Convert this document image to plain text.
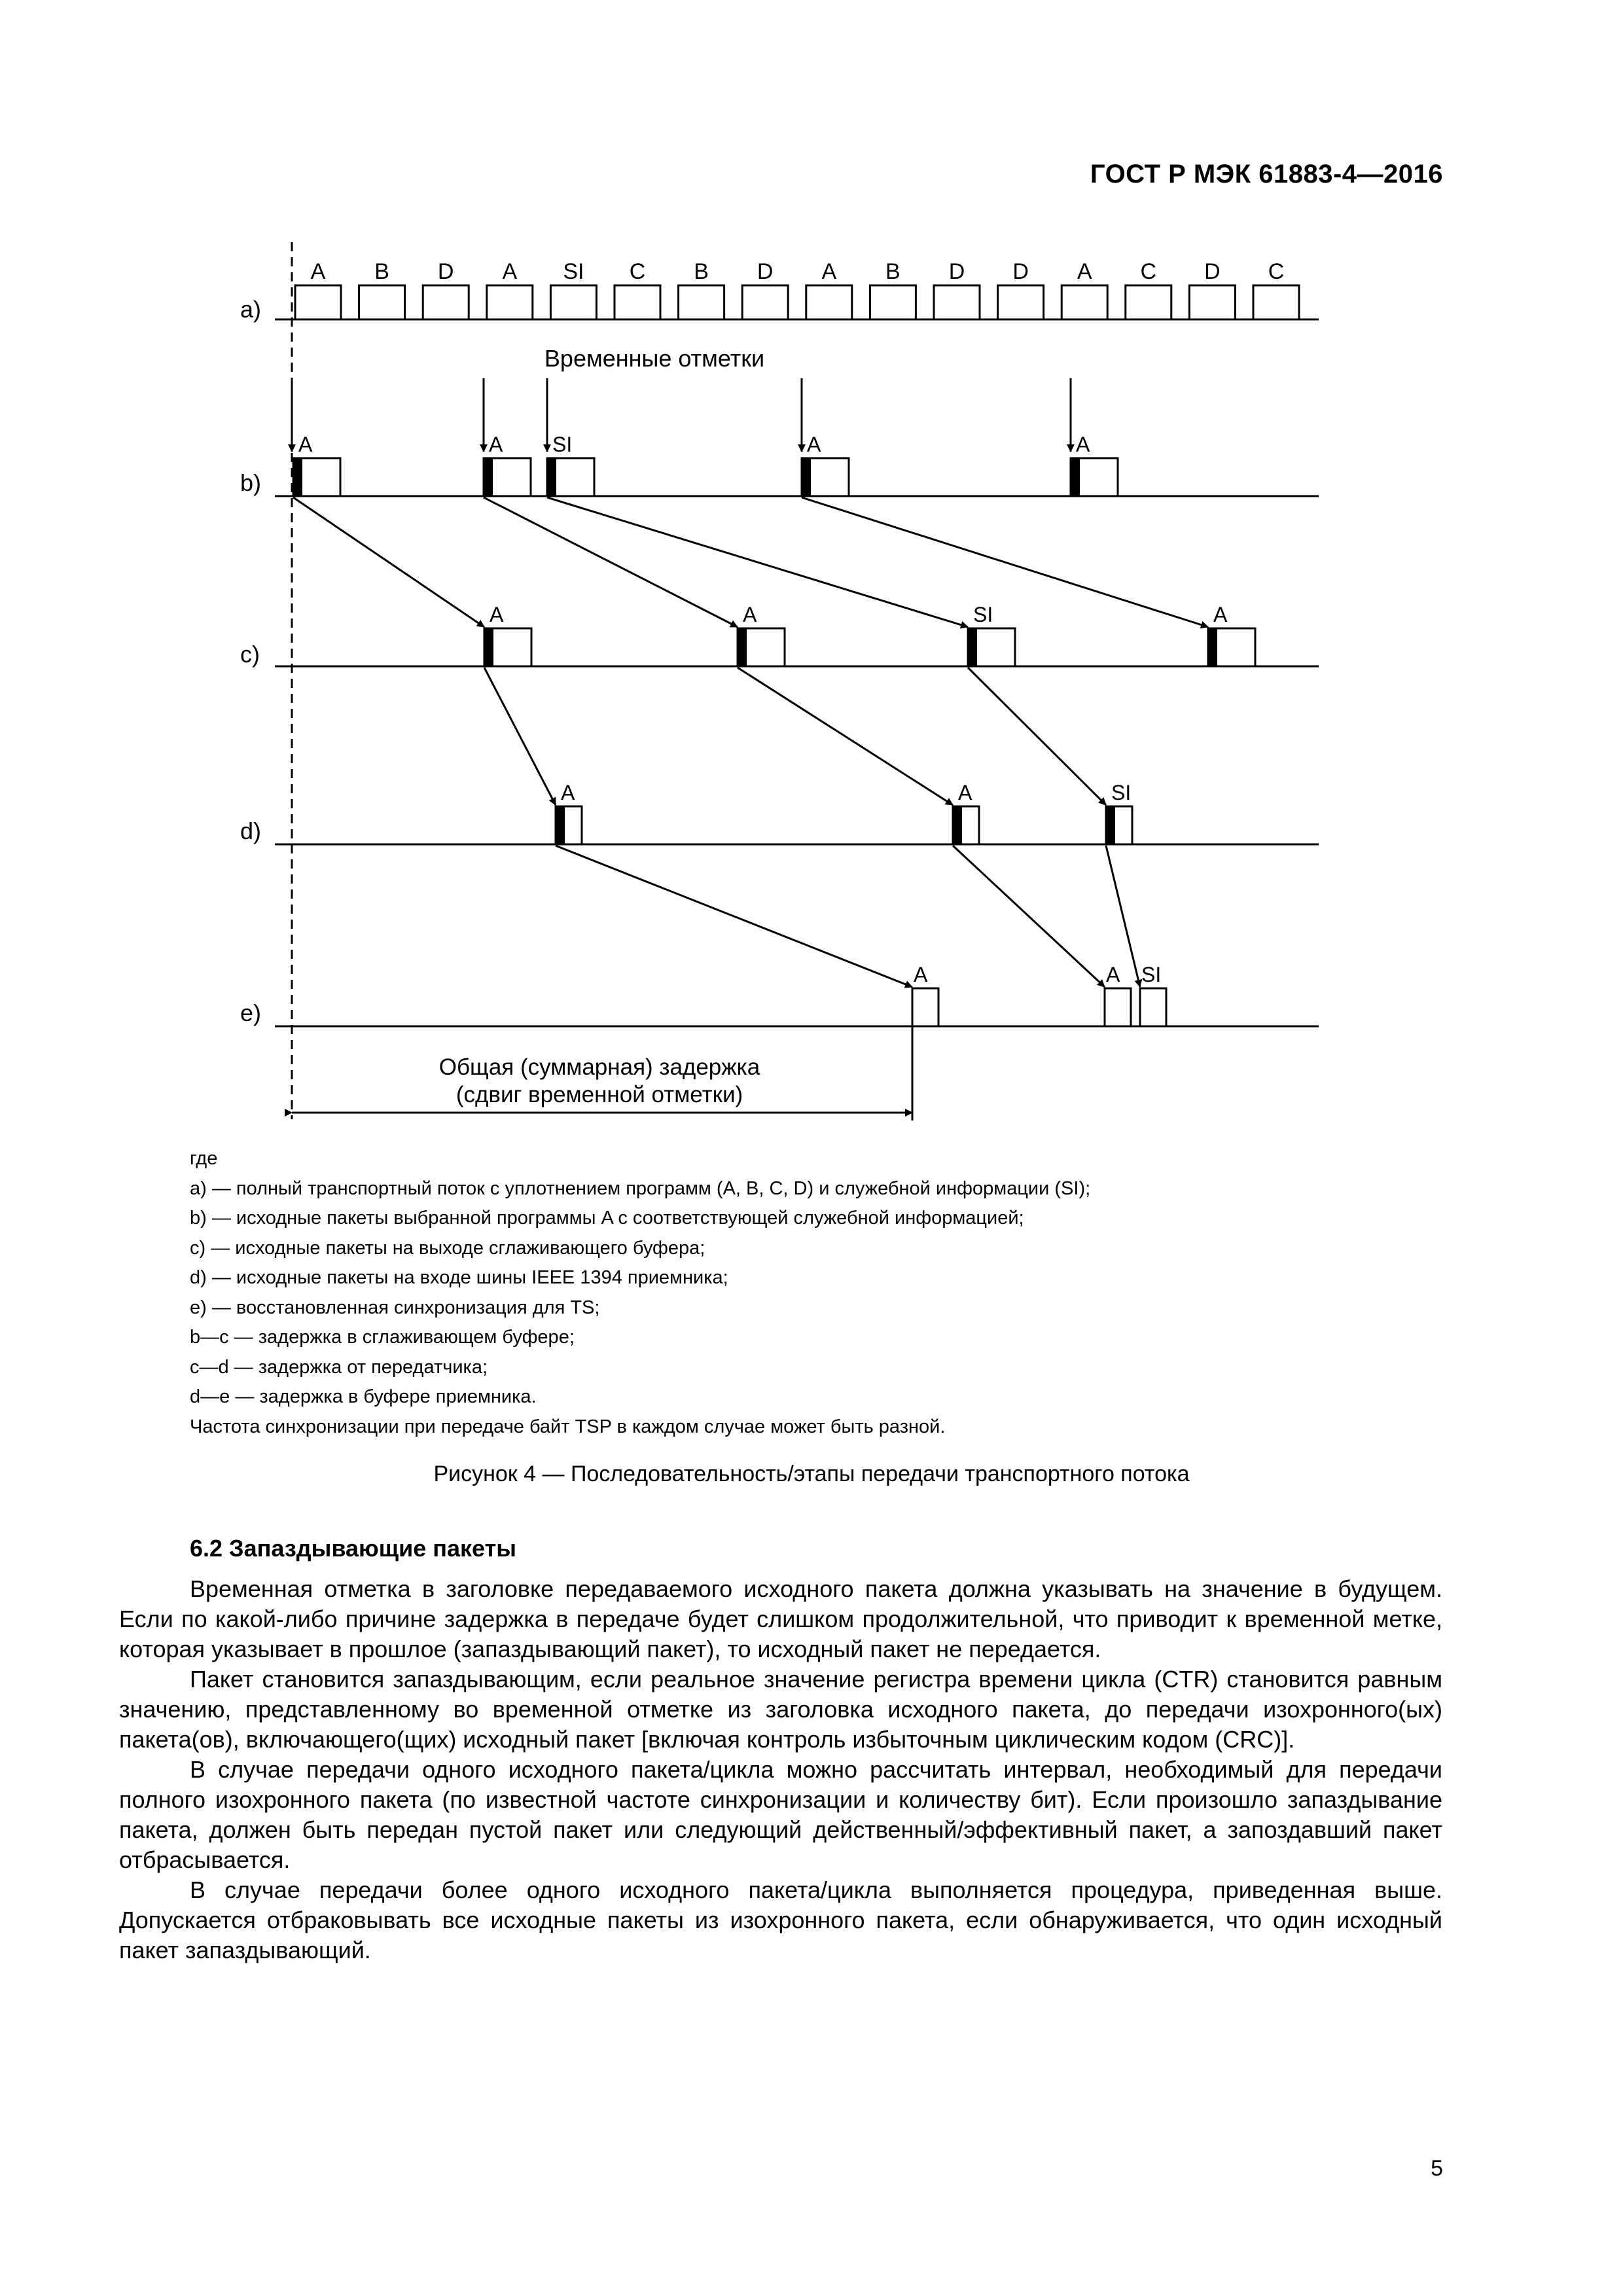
ГОСТ Р МЭК 61883-4—2016
a)
b)
c)
d)
e)
A B D A SI C B D A B D D A C D C
Временные отметки
A	A SI	A	A
A	A	SI	A
A	A	SI
A	A SI
Общая (суммарная) задержка
(сдвиг временной отметки)
где
a) — полный транспортный поток с уплотнением программ (A, B, C, D) и служебной информации (SI);
b) — исходные пакеты выбранной программы A с соответствующей служебной информацией;
c) — исходные пакеты на выходе сглаживающего буфера;
d) — исходные пакеты на входе шины IEEE 1394 приемника;
e) — восстановленная синхронизация для TS;
b—c — задержка в сглаживающем буфере;
c—d — задержка от передатчика;
d—e — задержка в буфере приемника.
Частота синхронизации при передаче байт TSP в каждом случае может быть разной.
Рисунок 4 — Последовательность/этапы передачи транспортного потока
6.2 Запаздывающие пакеты

Временная отметка в заголовке передаваемого исходного пакета должна указывать на значение в будущем. Если по какой-либо причине задержка в передаче будет слишком продолжительной, что приводит к временной метке, которая указывает в прошлое (запаздывающий пакет), то исходный пакет не передается.

Пакет становится запаздывающим, если реальное значение регистра времени цикла (CTR) становится равным значению, представленному во временной отметке из заголовка исходного пакета, до передачи изохронного(ых) пакета(ов), включающего(щих) исходный пакет [включая контроль избыточным циклическим кодом (CRC)].

В случае передачи одного исходного пакета/цикла можно рассчитать интервал, необходимый для передачи полного изохронного пакета (по известной частоте синхронизации и количеству бит). Если произошло запаздывание пакета, должен быть передан пустой пакет или следующий действенный/эффективный пакет, а запоздавший пакет отбрасывается.

В случае передачи более одного исходного пакета/цикла выполняется процедура, приведенная выше. Допускается отбраковывать все исходные пакеты из изохронного пакета, если обнаруживается, что один исходный пакет запаздывающий.

5
